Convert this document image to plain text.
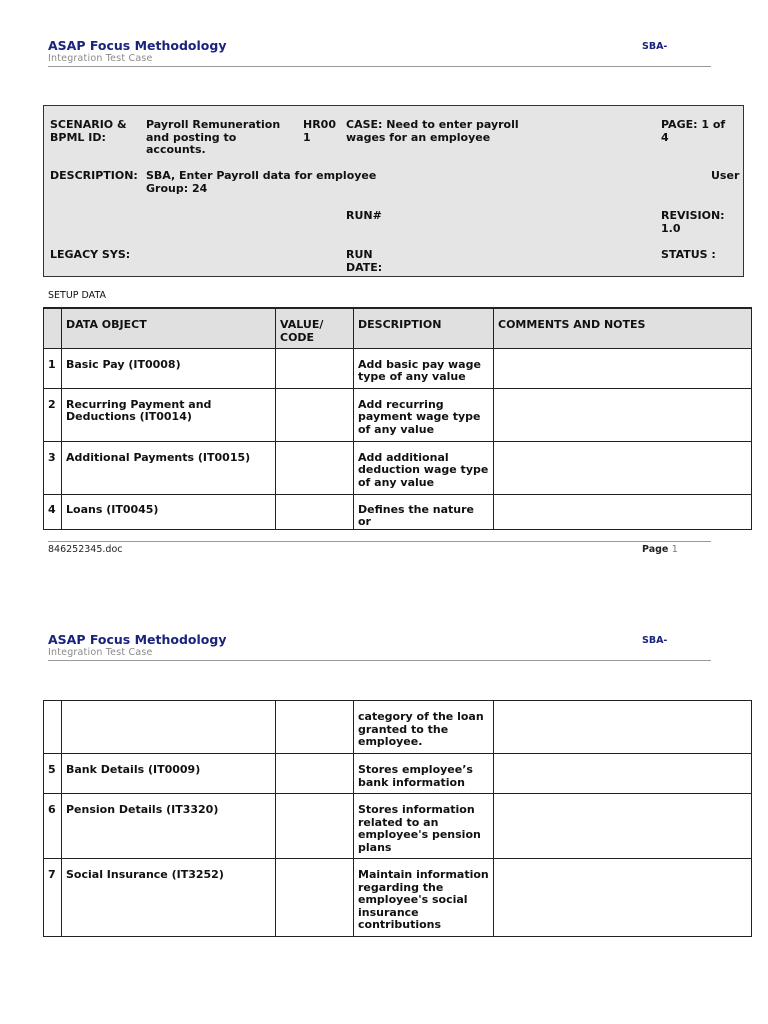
ASAP Focus Methodology
Integration Test Case
SBA-
SCENARIO & BPML ID:
Payroll Remuneration and posting to accounts.
HR00 1
CASE: Need to enter payroll wages for an employee
PAGE: 1 of 4
DESCRIPTION: SBA, Enter Payroll data for employee
Group: 24
User
RUN#	REVISION: 1.0
LEGACY SYS:	RUN DATE:
STATUS :
SETUP DATA
	DATA OBJECT	VALUE/ CODE	DESCRIPTION	COMMENTS AND NOTES
1	Basic Pay (IT0008)		Add basic pay wage type of any value	
2	Recurring Payment and Deductions (IT0014)		Add recurring payment wage type of any value	
3	Additional Payments (IT0015)		Add additional deduction wage type of any value	
4	Loans (IT0045)		Defines the nature or	
846252345.doc	Page 1
ASAP Focus Methodology
Integration Test Case
SBA-
			category of the loan granted to the employee.	
5	Bank Details (IT0009)		Stores employee’s bank information	
6	Pension Details (IT3320)		Stores information related to an employee's pension plans	
7	Social Insurance (IT3252)		Maintain information regarding the employee's social insurance contributions	
